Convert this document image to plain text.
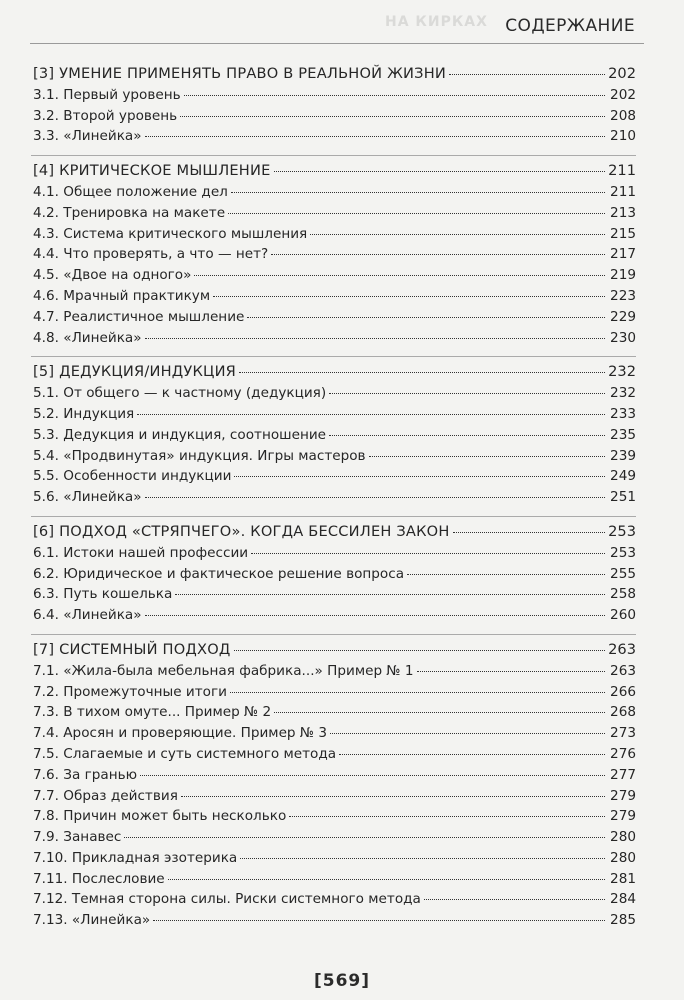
НА КИРКАХ СОДЕРЖАНИЕ
[3] УМЕНИЕ ПРИМЕНЯТЬ ПРАВО В РЕАЛЬНОЙ ЖИЗНИ	202
3.1. Первый уровень	202
3.2. Второй уровень	208
3.3. «Линейка»	210
[4] КРИТИЧЕСКОЕ МЫШЛЕНИЕ	211
4.1. Общее положение дел	211
4.2. Тренировка на макете	213
4.3. Система критического мышления	215
4.4. Что проверять, а что — нет?	217
4.5. «Двое на одного»	219
4.6. Мрачный практикум	223
4.7. Реалистичное мышление	229
4.8. «Линейка»	230
[5] ДЕДУКЦИЯ/ИНДУКЦИЯ	232
5.1. От общего — к частному (дедукция)	232
5.2. Индукция	233
5.3. Дедукция и индукция, соотношение	235
5.4. «Продвинутая» индукция. Игры мастеров	239
5.5. Особенности индукции	249
5.6. «Линейка»	251
[6] ПОДХОД «СТРЯПЧЕГО». КОГДА БЕССИЛЕН ЗАКОН	253
6.1. Истоки нашей профессии	253
6.2. Юридическое и фактическое решение вопроса	255
6.3. Путь кошелька	258
6.4. «Линейка»	260
[7] СИСТЕМНЫЙ ПОДХОД	263
7.1. «Жила-была мебельная фабрика...» Пример № 1	263
7.2. Промежуточные итоги	266
7.3. В тихом омуте... Пример № 2	268
7.4. Аросян и проверяющие. Пример № 3	273
7.5. Слагаемые и суть системного метода	276
7.6. За гранью	277
7.7. Образ действия	279
7.8. Причин может быть несколько	279
7.9. Занавес	280
7.10. Прикладная эзотерика	280
7.11. Послесловие	281
7.12. Темная сторона силы. Риски системного метода	284
7.13. «Линейка»	285
[569]
